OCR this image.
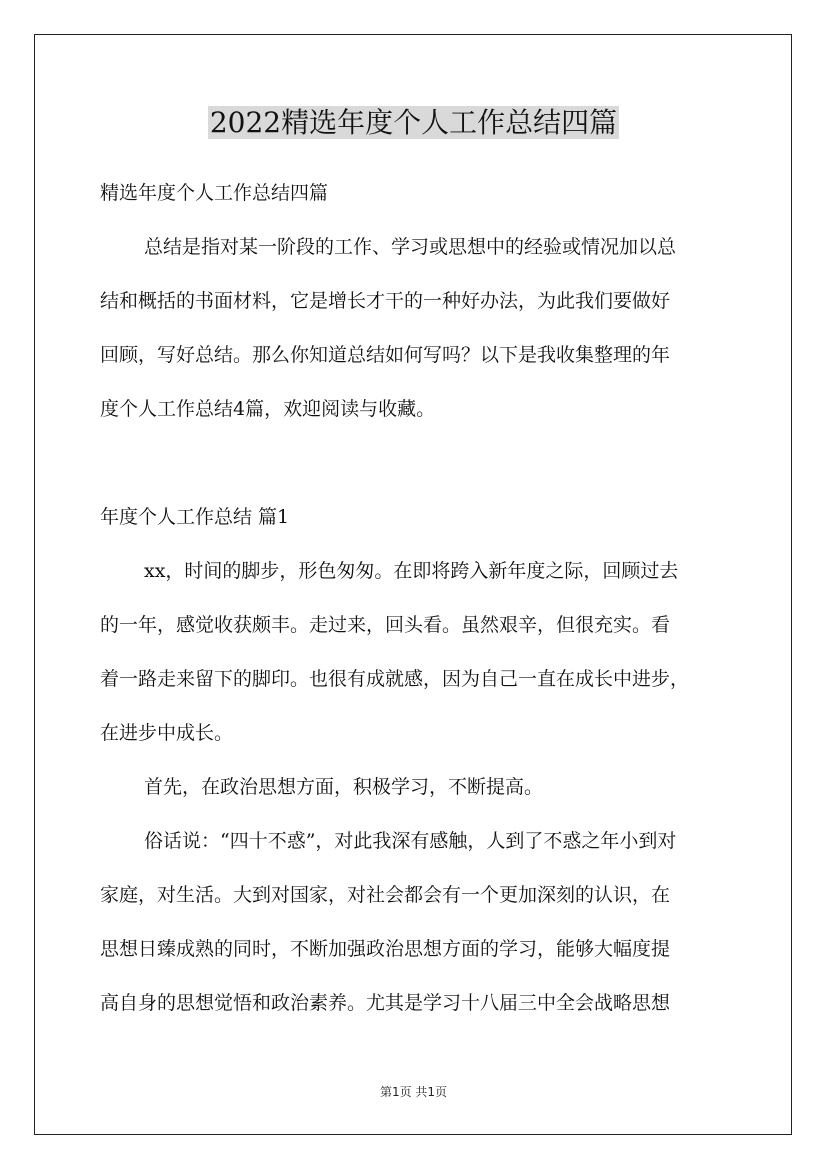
2022精选年度个人工作总结四篇
精选年度个人工作总结四篇
总结是指对某一阶段的工作、学习或思想中的经验或情况加以总
结和概括的书面材料，它是增长才干的一种好办法，为此我们要做好
回顾，写好总结。那么你知道总结如何写吗？以下是我收集整理的年
度个人工作总结4篇，欢迎阅读与收藏。
年度个人工作总结 篇1
xx，时间的脚步，形色匆匆。在即将跨入新年度之际，回顾过去
的一年，感觉收获颇丰。走过来，回头看。虽然艰辛，但很充实。看
着一路走来留下的脚印。也很有成就感，因为自己一直在成长中进步，
在进步中成长。
首先，在政治思想方面，积极学习，不断提高。
俗话说：“四十不惑”，对此我深有感触，人到了不惑之年小到对
家庭，对生活。大到对国家，对社会都会有一个更加深刻的认识，在
思想日臻成熟的同时，不断加强政治思想方面的学习，能够大幅度提
高自身的思想觉悟和政治素养。尤其是学习十八届三中全会战略思想
第1页 共1页
